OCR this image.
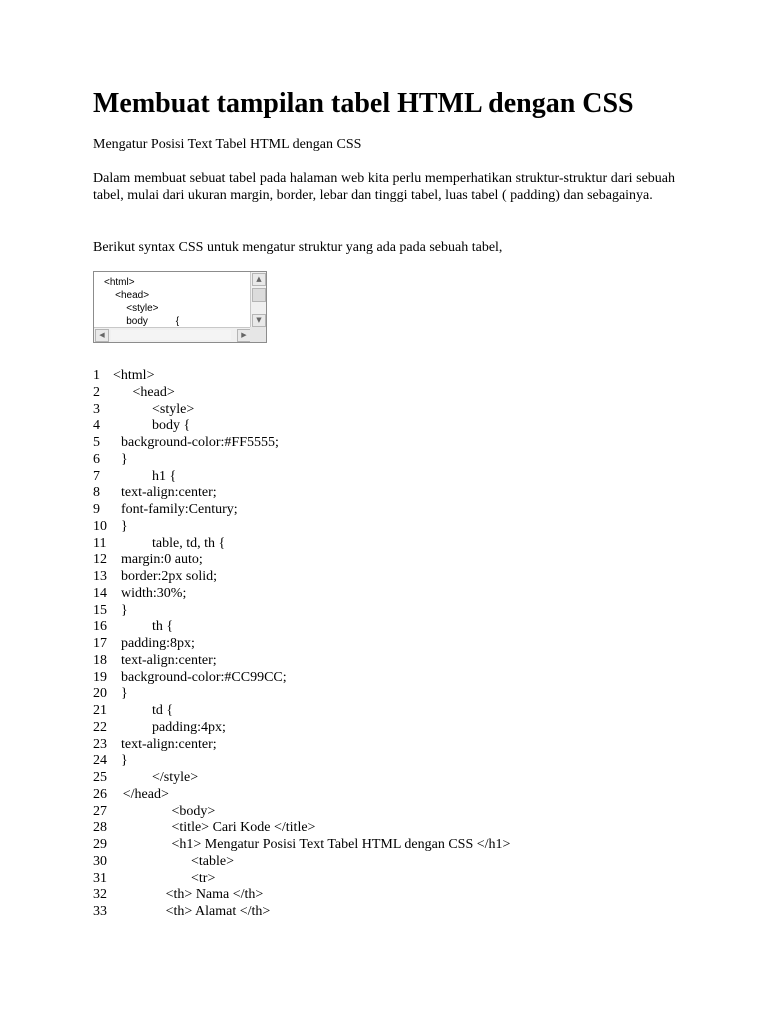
Membuat tampilan tabel HTML dengan CSS
Mengatur Posisi Text Tabel HTML dengan CSS

Dalam membuat sebuat tabel pada halaman web kita perlu memperhatikan struktur-struktur dari sebuah tabel, mulai dari ukuran margin, border, lebar dan tinggi tabel, luas tabel ( padding) dan sebagainya.

Berikut syntax CSS untuk mengatur struktur yang ada pada sebuah tabel,
<html>
<head>
<style>
body          {
▲
▼
◀	▶
1 <html>
2 <head>
3	<style>
4	body {
5 background-color:#FF5555;
6 }
7	h1 {
8 text-align:center;
9 font-family:Century;
10 }
11	table, td, th {
12 margin:0 auto;
13 border:2px solid;
14 width:30%;
15 }
16	th {
17 padding:8px;
18 text-align:center;
19 background-color:#CC99CC;
20 }
21	td {
22	padding:4px;
23 text-align:center;
24 }
25	</style>
26 </head>
27	<body>
28	<title> Cari Kode </title>
29	<h1> Mengatur Posisi Text Tabel HTML dengan CSS </h1>
30	<table>
31	<tr>
32	<th> Nama </th>
33	<th> Alamat </th>
